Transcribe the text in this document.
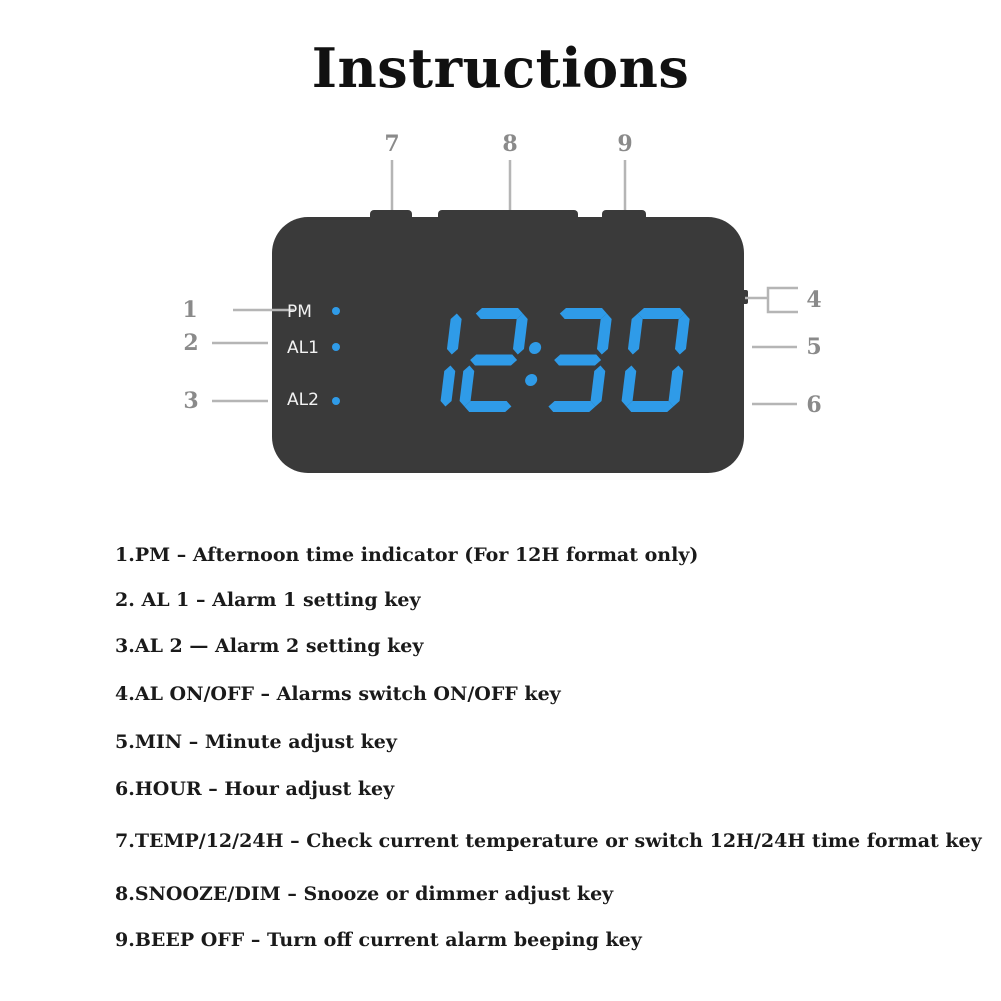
Instructions
1
2
3
4
5
6
7	8	9
PM
AL1
AL2
1.PM – Afternoon time indicator (For 12H format only)
2. AL 1 – Alarm 1 setting key
3.AL 2 — Alarm 2 setting key
4.AL ON/OFF – Alarms switch ON/OFF key
5.MIN – Minute adjust key
6.HOUR – Hour adjust key
7.TEMP/12/24H – Check current temperature or switch 12H/24H time format key
8.SNOOZE/DIM – Snooze or dimmer adjust key
9.BEEP OFF – Turn off current alarm beeping key
